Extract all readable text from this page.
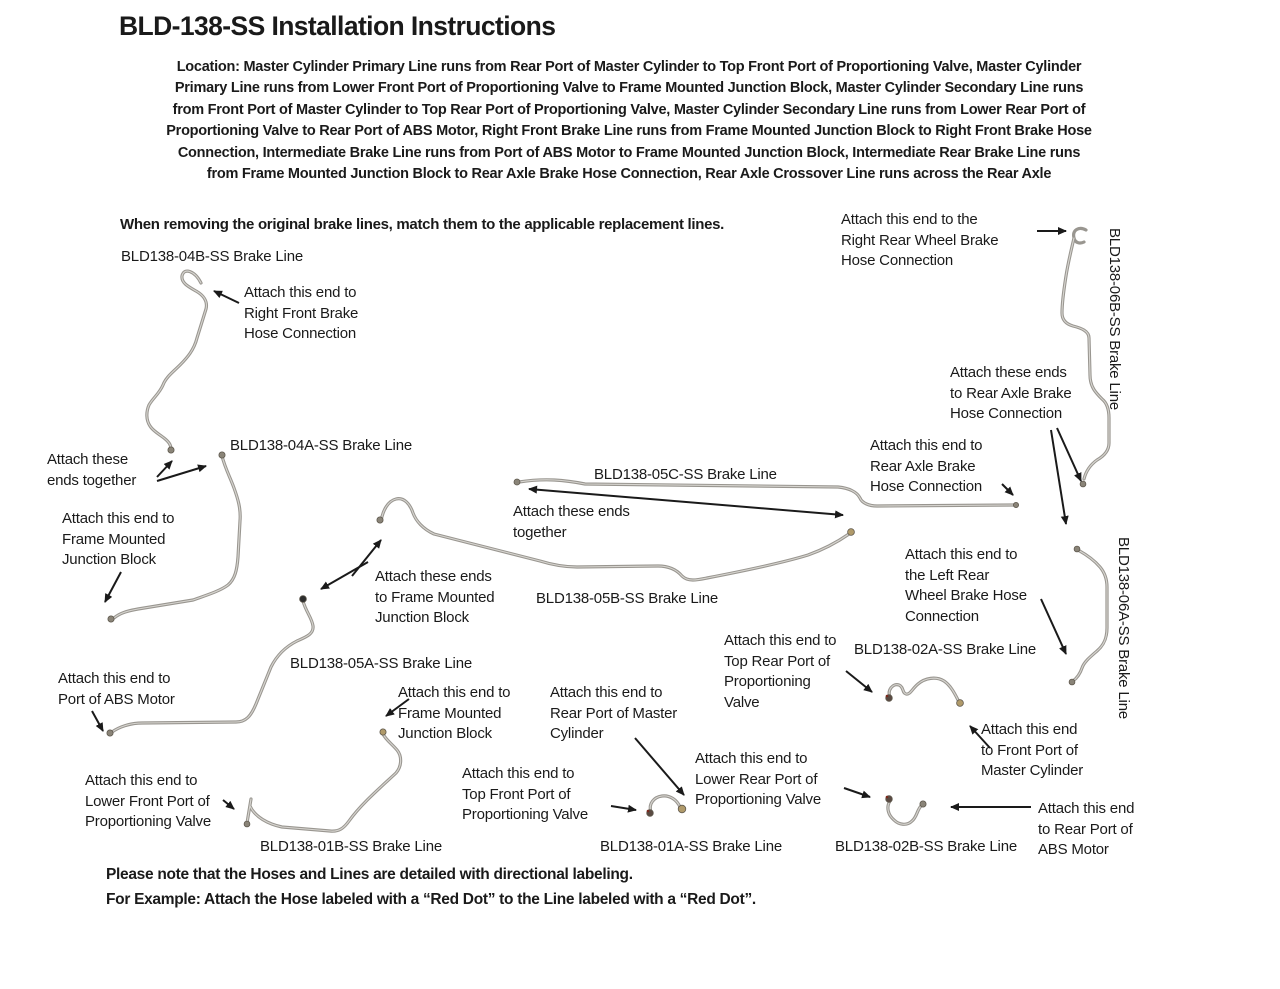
BLD-138-SS Installation Instructions
Location: Master Cylinder Primary Line runs from Rear Port of Master Cylinder to Top Front Port of Proportioning Valve, Master Cylinder
Primary Line runs from Lower Front Port of Proportioning Valve to Frame Mounted Junction Block, Master Cylinder Secondary Line runs
from Front Port of Master Cylinder to Top Rear Port of Proportioning Valve, Master Cylinder Secondary Line runs from Lower Rear Port of
Proportioning Valve to Rear Port of ABS Motor, Right Front Brake Line runs from Frame Mounted Junction Block to Right Front Brake Hose
Connection, Intermediate Brake Line runs from Port of ABS Motor to Frame Mounted Junction Block, Intermediate Rear Brake Line runs
from Frame Mounted Junction Block to Rear Axle Brake Hose Connection, Rear Axle Crossover Line runs across the Rear Axle
When removing the original brake lines, match them to the applicable replacement lines.
BLD138-04B-SS Brake Line
Attach this end to the
Right Rear Wheel Brake
Hose Connection	BLD138-06B-SS Brake Line
Attach this end to
Right Front Brake
Hose Connection
Attach these ends
to Rear Axle Brake
Hose Connection
BLD138-04A-SS Brake Line
Attach these
ends together
Attach this end to
Rear Axle Brake
Hose Connection
BLD138-05C-SS Brake Line
Attach these ends
together
Attach this end to
Frame Mounted
Junction Block	Attach this end to
the Left Rear
Wheel Brake Hose
Connection	BLD138-06A-SS Brake Line
Attach these ends
to Frame Mounted
Junction Block
BLD138-05B-SS Brake Line
Attach this end to
Top Rear Port of
Proportioning
Valve
BLD138-02A-SS Brake Line
BLD138-05A-SS Brake Line
Attach this end to
Port of ABS Motor	Attach this end to
Frame Mounted
Junction Block
Attach this end to
Rear Port of Master
Cylinder	Attach this end
to Front Port of
Master Cylinder
Attach this end to
Lower Rear Port of
Proportioning Valve
Attach this end to
Top Front Port of
Proportioning Valve
Attach this end to
Lower Front Port of
Proportioning Valve
BLD138-01B-SS Brake Line	BLD138-01A-SS Brake Line	BLD138-02B-SS Brake Line
Attach this end
to Rear Port of
ABS Motor
Please note that the Hoses and Lines are detailed with directional labeling.
For Example: Attach the Hose labeled with a “Red Dot” to the Line labeled with a “Red Dot”.
